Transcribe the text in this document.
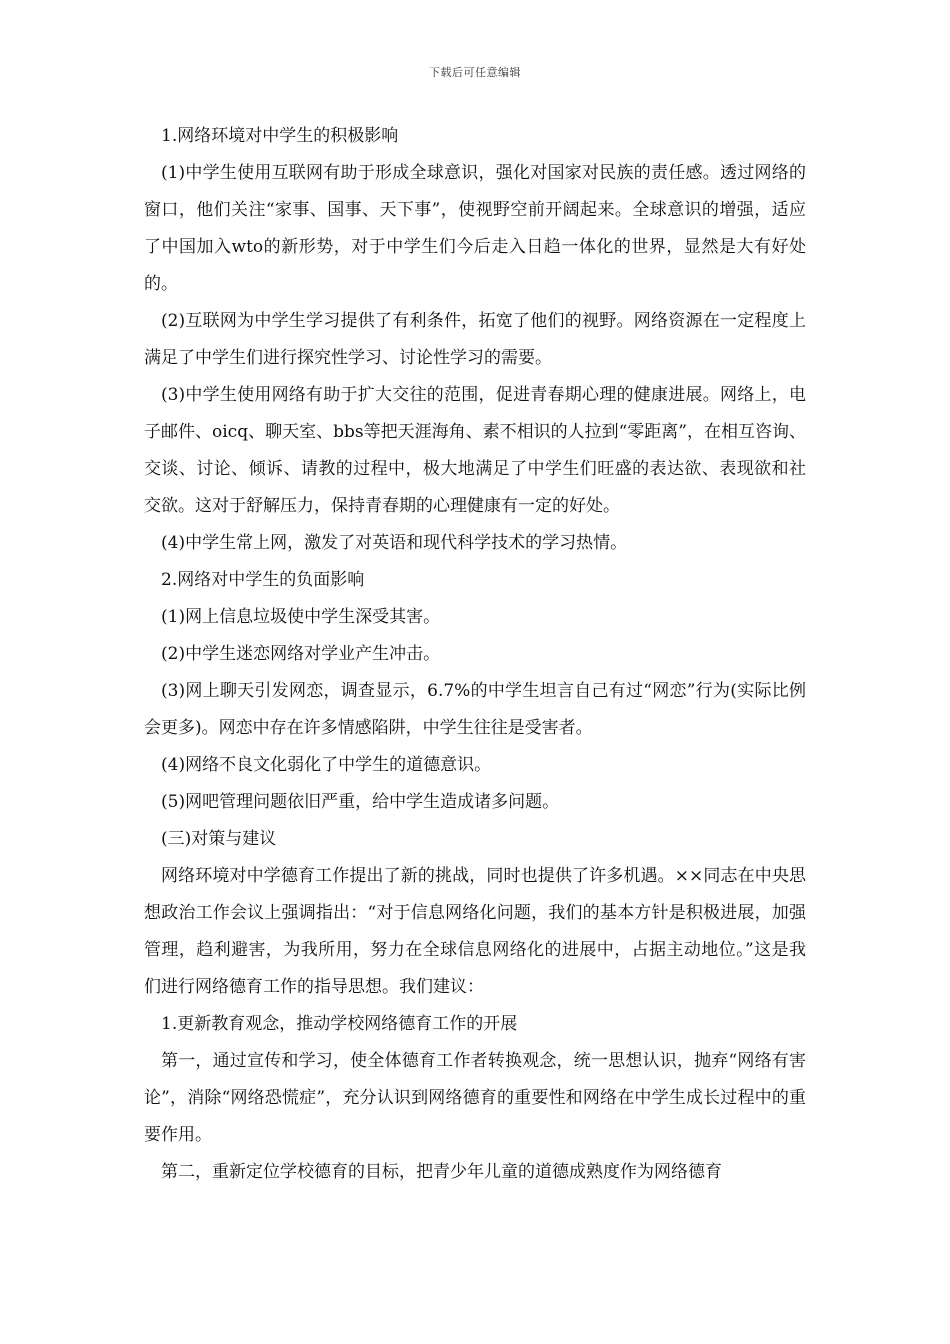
下载后可任意编辑

1.网络环境对中学生的积极影响

(1)中学生使用互联网有助于形成全球意识，强化对国家对民族的责任感。透过网络的窗口，他们关注“家事、国事、天下事”，使视野空前开阔起来。全球意识的增强，适应了中国加入wto的新形势，对于中学生们今后走入日趋一体化的世界，显然是大有好处的。

(2)互联网为中学生学习提供了有利条件，拓宽了他们的视野。网络资源在一定程度上满足了中学生们进行探究性学习、讨论性学习的需要。

(3)中学生使用网络有助于扩大交往的范围，促进青春期心理的健康进展。网络上，电子邮件、oicq、聊天室、bbs等把天涯海角、素不相识的人拉到“零距离”，在相互咨询、交谈、讨论、倾诉、请教的过程中，极大地满足了中学生们旺盛的表达欲、表现欲和社交欲。这对于舒解压力，保持青春期的心理健康有一定的好处。

(4)中学生常上网，激发了对英语和现代科学技术的学习热情。

2.网络对中学生的负面影响

(1)网上信息垃圾使中学生深受其害。

(2)中学生迷恋网络对学业产生冲击。

(3)网上聊天引发网恋，调查显示，6.7%的中学生坦言自己有过“网恋”行为(实际比例会更多)。网恋中存在许多情感陷阱，中学生往往是受害者。

(4)网络不良文化弱化了中学生的道德意识。

(5)网吧管理问题依旧严重，给中学生造成诸多问题。

(三)对策与建议

网络环境对中学德育工作提出了新的挑战，同时也提供了许多机遇。××同志在中央思想政治工作会议上强调指出：“对于信息网络化问题，我们的基本方针是积极进展，加强管理，趋利避害，为我所用，努力在全球信息网络化的进展中，占据主动地位。”这是我们进行网络德育工作的指导思想。我们建议：

1.更新教育观念，推动学校网络德育工作的开展

第一，通过宣传和学习，使全体德育工作者转换观念，统一思想认识，抛弃“网络有害论”，消除“网络恐慌症”，充分认识到网络德育的重要性和网络在中学生成长过程中的重要作用。

第二，重新定位学校德育的目标，把青少年儿童的道德成熟度作为网络德育
